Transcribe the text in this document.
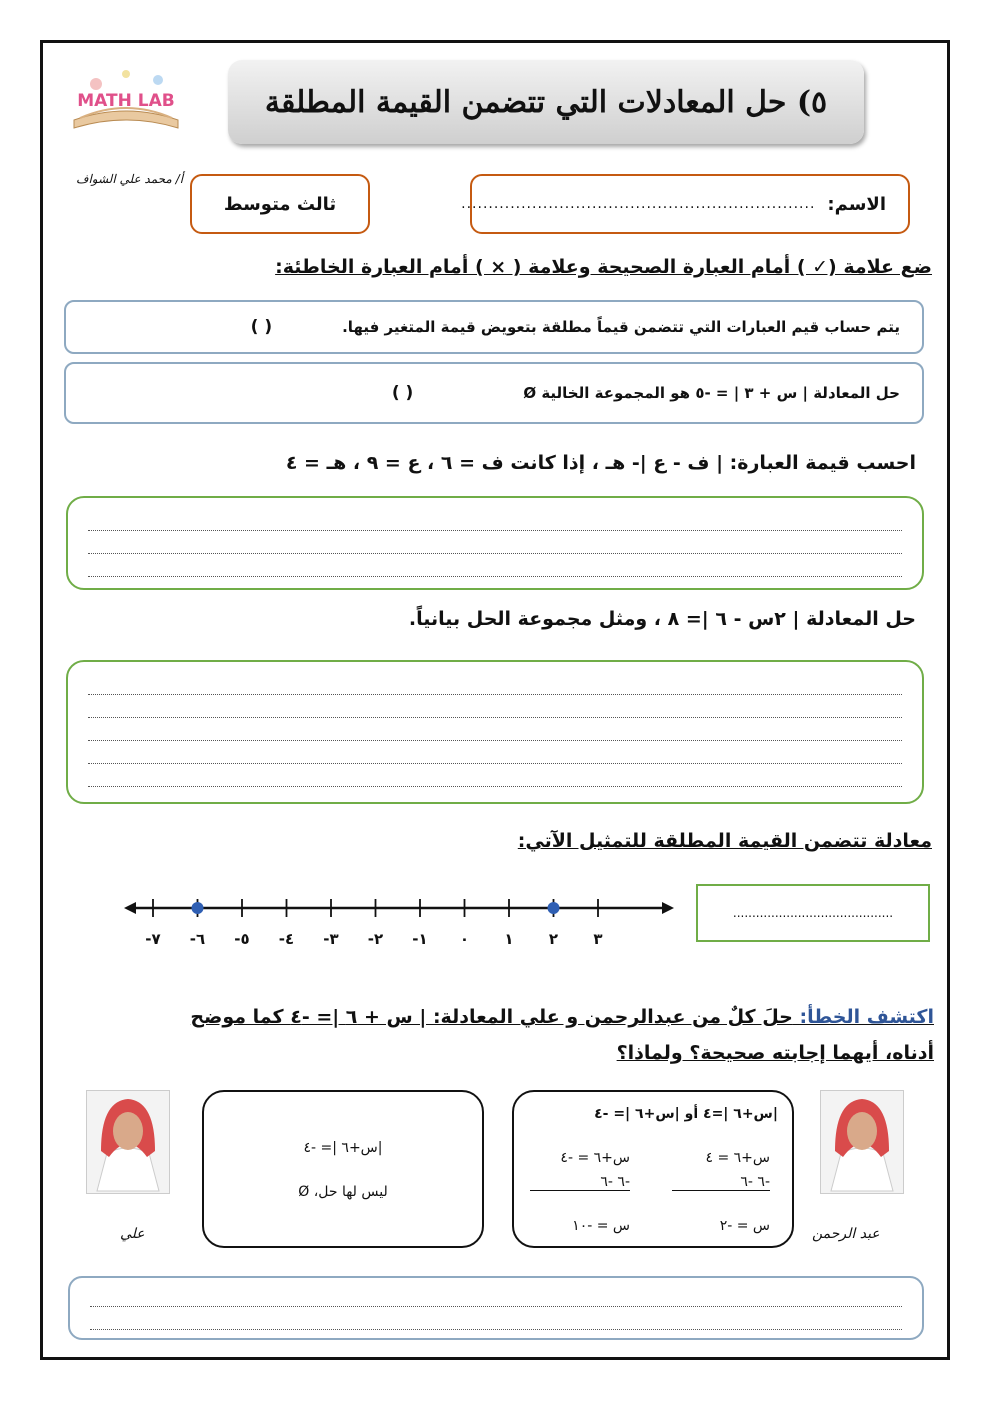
MATH LAB	٥) حل المعادلات التي تتضمن القيمة المطلقة
أ/ محمد علي الشواف
ثالث متوسط	الاسم:
.................................................................
ضع علامة (✓ ) أمام العبارة الصحيحة وعلامة ( × ) أمام العبارة الخاطئة:
يتم حساب قيم العبارات التي تتضمن قيماً مطلقة بتعويض قيمة المتغير فيها.
( )
حل المعادلة | س + ٣ | = -٥ هو المجموعة الخالية Ø
( )
احسب قيمة العبارة: | ف - ع |- هـ ، إذا كانت ف = ٦ ، ع = ٩ ، هـ = ٤
حل المعادلة | ٢س - ٦ |= ٨ ، ومثل مجموعة الحل بيانياً.
معادلة تتضمن القيمة المطلقة للتمثيل الآتي:
٣
٢
١
٠
-١
-٢
-٣
-٤
-٥
-٦
-٧
..........................................
اكتشف الخطأ: حلَ كلٌ من عبدالرحمن و علي المعادلة: | س + ٦ |= -٤ كما موضح
أدناه، أيهما إجابته صحيحة؟ ولماذا؟
عبد الرحمن
|س+٦ |=٤ أو |س+٦ |= -٤
س+٦ = ٤
-٦ -٦
س = -٢
س+٦ = -٤
-٦ -٦
س = -١٠
|س+٦ |= -٤
ليس لها حل، Ø
علي
